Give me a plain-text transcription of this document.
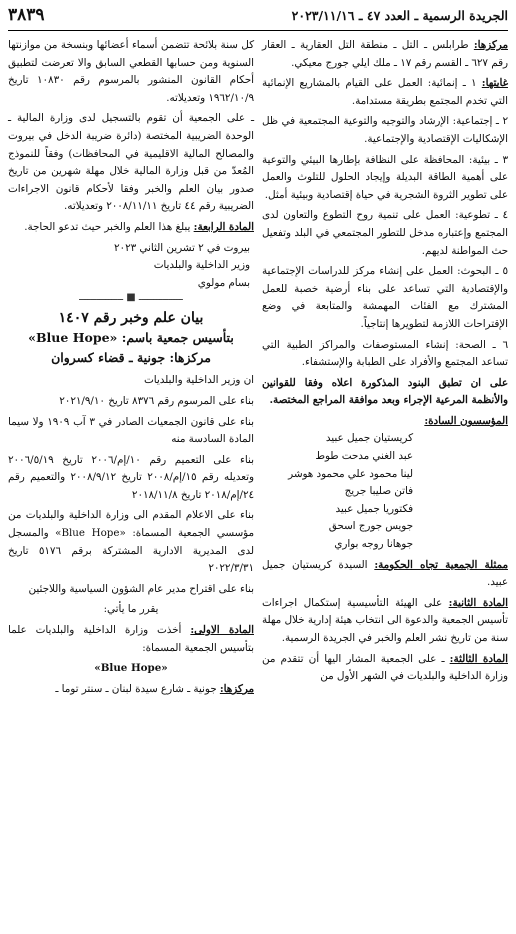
الجريدة الرسمية ـ العدد ٤٧ ـ ٢٠٢٣/١١/١٦
٣٨٣٩

مركزها: طرابلس ـ التل ـ منطقة التل العقارية ـ العقار رقم ٦٢٧ ـ القسم رقم ١٧ ـ ملك ايلي جورج معيكي.

غايتها: ١ ـ إنمائية: العمل على القيام بالمشاريع الإنمائية التي تخدم المجتمع بطريقة مستدامة.

٢ ـ إجتماعية: الإرشاد والتوجيه والتوعية المجتمعية في ظل الإشكاليات الإقتصادية والإجتماعية.

٣ ـ بيئية: المحافظة على النظافة بإطارها البيئي والتوعية على أهمية الطاقة البديلة وإيجاد الحلول للتلوث والعمل على تطوير الثروة الشجرية في حياة إقتصادية وبيئية أمثل.

٤ ـ تطوعية: العمل على تنمية روح التطوع والتعاون لدى المجتمع وإعتباره مدخل للتطور المجتمعي في البلد وتفعيل حث المواطنة لديهم.

٥ ـ البحوث: العمل على إنشاء مركز للدراسات الإجتماعية والإقتصادية التي تساعد على بناء أرضية خصبة للعمل المشترك مع الفئات المهمشة والمتابعة في وضع الإقتراحات اللازمة لتطويرها إنتاجياً.

٦ ـ الصحة: إنشاء المستوصفات والمراكز الطبية التي تساعد المجتمع والأفراد على الطبابة والإستشفاء.

على ان تطبق البنود المذكورة اعلاه وفقا للقوانين والأنظمة المرعية الإجراء وبعد موافقة المراجع المختصة.

المؤسسون السادة:

كريستيان جميل عبيد
عبد الغني مدحت طوط
لينا محمود علي محمود هوشر
فاتن صليبا جريج
فكتوريا جميل عبيد
جويس جورج اسحق
جوهانا روجه بواري

ممثلة الجمعية تجاه الحكومة: السيدة كريستيان جميل عبيد.

المادة الثانية: على الهيئة التأسيسية إستكمال اجراءات تأسيس الجمعية والدعوة الى انتخاب هيئة إدارية خلال مهلة سنة من تاريخ نشر العلم والخبر في الجريدة الرسمية.

المادة الثالثة: ـ على الجمعية المشار اليها أن تتقدم من وزارة الداخلية والبلديات في الشهر الأول من

كل سنة بلائحة تتضمن أسماء أعضائها وبنسخة من موازنتها السنوية ومن حسابها القطعي السابق والا تعرضت لتطبيق أحكام القانون المنشور بالمرسوم رقم ١٠٨٣٠ تاريخ ١٩٦٢/١٠/٩ وتعديلاته.

ـ على الجمعية أن تقوم بالتسجيل لدى وزارة المالية ـ الوحدة الضريبية المختصة (دائرة ضريبة الدخل في بيروت والمصالح المالية الاقليمية في المحافظات) وفقاً للنموذج المُعدّ من قبل وزارة المالية خلال مهلة شهرين من تاريخ صدور بيان العلم والخبر وفقا لأحكام قانون الاجراءات الضريبية رقم ٤٤ تاريخ ٢٠٠٨/١١/١١ وتعديلاته.

المادة الرابعة: يبلغ هذا العلم والخبر حيث تدعو الحاجة.

بيروت في ٢ تشرين الثاني ٢٠٢٣
وزير الداخلية والبلديات
بسام مولوي
ـــــــــــــــ ■ ـــــــــــــــ
بيان علم وخبر رقم ١٤٠٧
بتأسيس جمعية باسم: «Blue Hope»
مركزها: جونية ـ قضاء كسروان

ان وزير الداخلية والبلديات

بناء على المرسوم رقم ٨٣٧٦ تاريخ ٢٠٢١/٩/١٠

بناء على قانون الجمعيات الصادر في ٣ آب ١٩٠٩ ولا سيما المادة السادسة منه

بناء على التعميم رقم ١٠/إم/٢٠٠٦ تاريخ ٢٠٠٦/٥/١٩ وتعديله رقم ١٥/إم/٢٠٠٨ تاريخ ٢٠٠٨/٩/١٢ والتعميم رقم ٢٤/إم/٢٠١٨ تاريخ ٢٠١٨/١١/٨

بناء على الاعلام المقدم الى وزارة الداخلية والبلديات من مؤسسي الجمعية المسماة: «Blue Hope» والمسجل لدى المديرية الادارية المشتركة برقم ٥١٧٦ تاريخ ٢٠٢٢/٣/٣١

بناء على اقتراح مدير عام الشؤون السياسية واللاجئين

يقرر ما يأتي:

المادة الاولى: أخذت وزارة الداخلية والبلديات علما بتأسيس الجمعية المسماة:

«Blue Hope»

مركزها: جونية ـ شارع سيدة لبنان ـ سنتر توما ـ
